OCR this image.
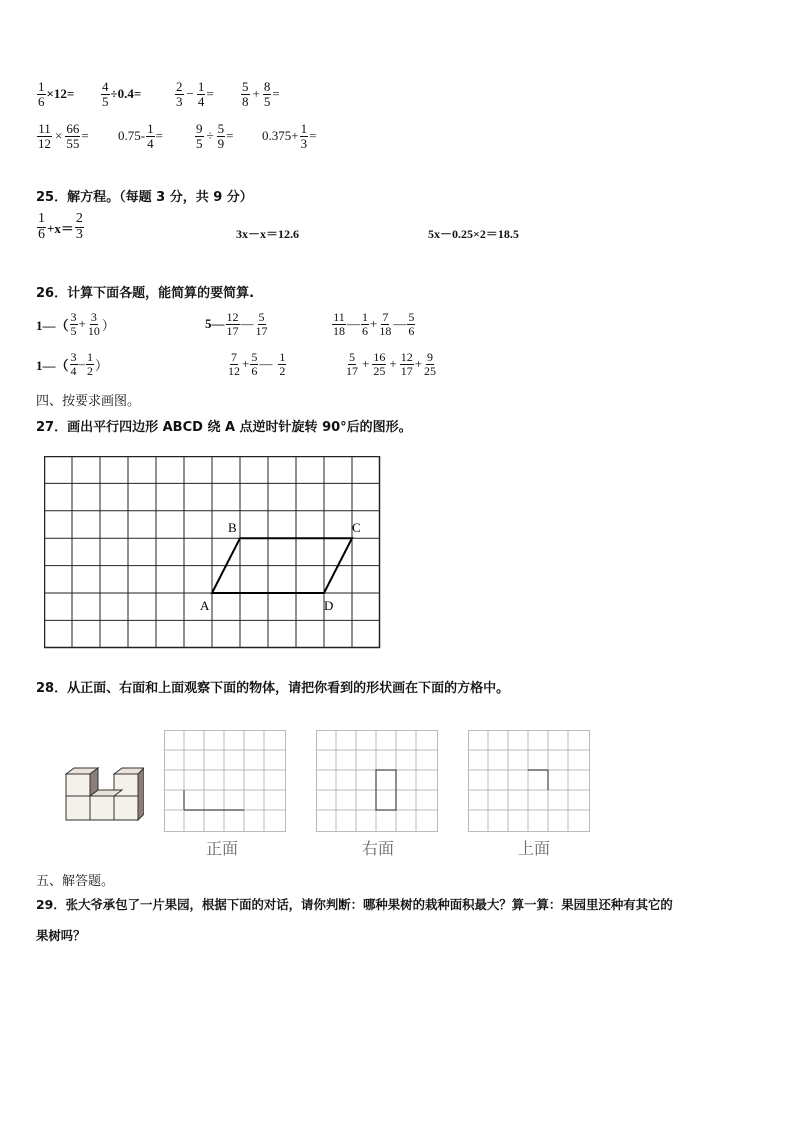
$\frac{1}{6} \times 12= \frac{4}{5} \div 0.4=$	$\frac{2}{3} - \frac{1}{4} = \frac{5}{8} + \frac{8}{5}$ =
$\frac{11}{12} \times \frac{66}{55} = 0.75- \frac{1}{4} = \frac{9}{5} \div \frac{5}{9} = 0.375+ \frac{1}{3}$ =
25．解方程。（每题 3 分，共 9 分）
$\frac{1}{6} +x= \frac{2}{3}$	3x－x＝12.6	5x－0.25×2＝18.5
26．计算下面各题，能简算的要简算.
1—（ $\frac{3}{5} + \frac{3}{10}$ ）	5— $\frac{12}{17}$ — $\frac{5}{17}$	$\frac{11}{18}$ — $\frac{1}{6} + \frac{7}{18}$ — $\frac{5}{6}$
1—（ $\frac{3}{4} - \frac{1}{2}$ ）	$\frac{7}{12} + \frac{5}{6}$ — $\frac{1}{2}$	$\frac{5}{17} + \frac{16}{25} + \frac{12}{17} + \frac{9}{25}$
四、按要求画图。
27．画出平行四边形 ABCD 绕 A 点逆时针旋转 90°后的图形。
A
B	C
D
28．从正面、右面和上面观察下面的物体，请把你看到的形状画在下面的方格中。
正面	右面	上面
五、解答题。
29．张大爷承包了一片果园，根据下面的对话，请你判断：哪种果树的栽种面积最大？算一算：果园里还种有其它的
果树吗？
